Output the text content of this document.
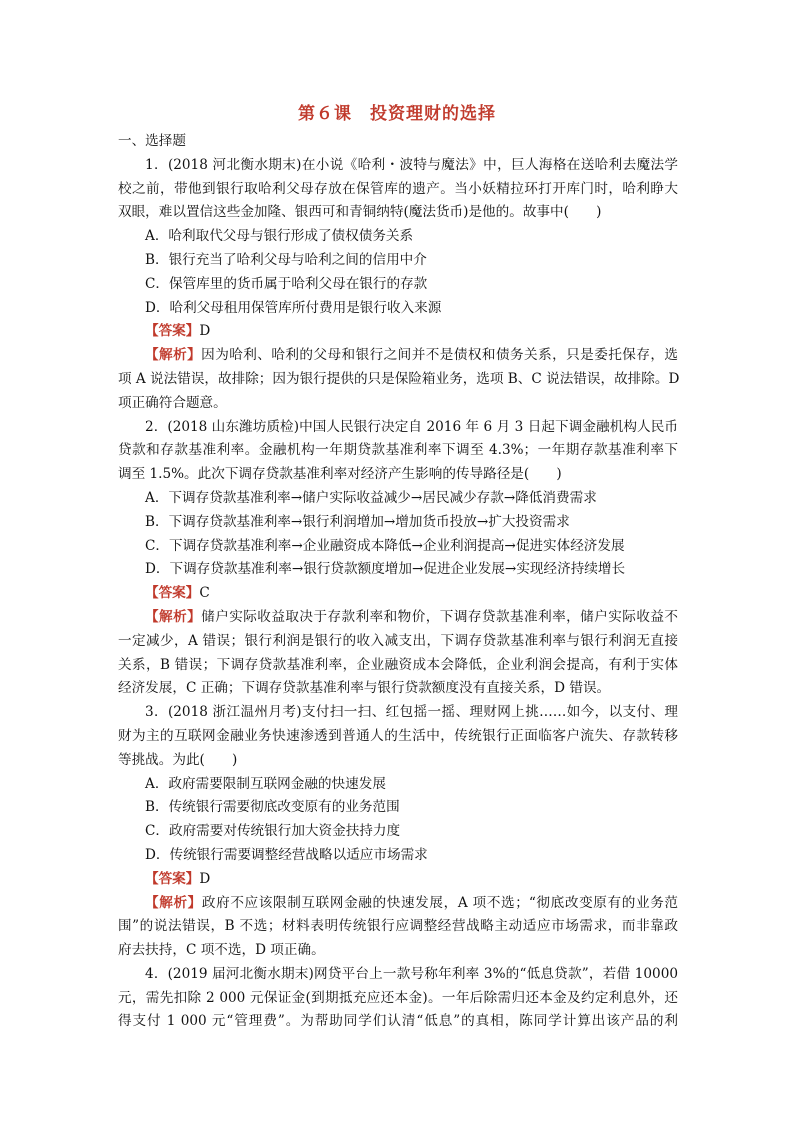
第６课　投资理财的选择
一、选择题
1．(2018 河北衡水期末)在小说《哈利・波特与魔法》中，巨人海格在送哈利去魔法学
校之前，带他到银行取哈利父母存放在保管库的遗产。当小妖精拉环打开库门时，哈利睁大
双眼，难以置信这些金加隆、银西可和青铜纳特(魔法货币)是他的。故事中(　　)
A．哈利取代父母与银行形成了债权债务关系
B．银行充当了哈利父母与哈利之间的信用中介
C．保管库里的货币属于哈利父母在银行的存款
D．哈利父母租用保管库所付费用是银行收入来源
【答案】D
【解析】因为哈利、哈利的父母和银行之间并不是债权和债务关系，只是委托保存，选
项 A 说法错误，故排除；因为银行提供的只是保险箱业务，选项 B、C 说法错误，故排除。D
项正确符合题意。
2．(2018 山东潍坊质检)中国人民银行决定自 2016 年 6 月 3 日起下调金融机构人民币
贷款和存款基准利率。金融机构一年期贷款基准利率下调至 4.3%；一年期存款基准利率下
调至 1.5%。此次下调存贷款基准利率对经济产生影响的传导路径是(　　)
A．下调存贷款基准利率→储户实际收益减少→居民减少存款→降低消费需求
B．下调存贷款基准利率→银行利润增加→增加货币投放→扩大投资需求
C．下调存贷款基准利率→企业融资成本降低→企业利润提高→促进实体经济发展
D．下调存贷款基准利率→银行贷款额度增加→促进企业发展→实现经济持续增长
【答案】C
【解析】储户实际收益取决于存款利率和物价，下调存贷款基准利率，储户实际收益不
一定减少，A 错误；银行利润是银行的收入减支出，下调存贷款基准利率与银行利润无直接
关系，B 错误；下调存贷款基准利率，企业融资成本会降低，企业利润会提高，有利于实体
经济发展，C 正确；下调存贷款基准利率与银行贷款额度没有直接关系，D 错误。
3．(2018 浙江温州月考)支付扫一扫、红包摇一摇、理财网上挑……如今，以支付、理
财为主的互联网金融业务快速渗透到普通人的生活中，传统银行正面临客户流失、存款转移
等挑战。为此(　　)
A．政府需要限制互联网金融的快速发展
B．传统银行需要彻底改变原有的业务范围
C．政府需要对传统银行加大资金扶持力度
D．传统银行需要调整经营战略以适应市场需求
【答案】D
【解析】政府不应该限制互联网金融的快速发展，A 项不选；“彻底改变原有的业务范
围”的说法错误，B 不选；材料表明传统银行应调整经营战略主动适应市场需求，而非靠政
府去扶持，C 项不选，D 项正确。
4．(2019 届河北衡水期末)网贷平台上一款号称年利率 3%的“低息贷款”，若借 10000
元，需先扣除 2 000 元保证金(到期抵充应还本金)。一年后除需归还本金及约定利息外，还
得支付 1 000 元“管理费”。为帮助同学们认清“低息”的真相，陈同学计算出该产品的利
